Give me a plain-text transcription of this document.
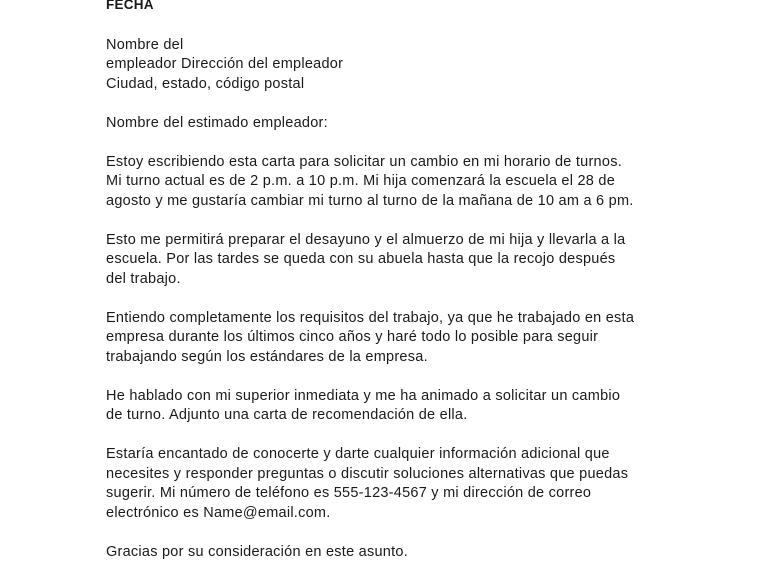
FECHA
Nombre del
empleador Dirección del empleador
Ciudad, estado, código postal
Nombre del estimado empleador:
Estoy escribiendo esta carta para solicitar un cambio en mi horario de turnos.
Mi turno actual es de 2 p.m. a 10 p.m. Mi hija comenzará la escuela el 28 de
agosto y me gustaría cambiar mi turno al turno de la mañana de 10 am a 6 pm.
Esto me permitirá preparar el desayuno y el almuerzo de mi hija y llevarla a la
escuela. Por las tardes se queda con su abuela hasta que la recojo después
del trabajo.
Entiendo completamente los requisitos del trabajo, ya que he trabajado en esta
empresa durante los últimos cinco años y haré todo lo posible para seguir
trabajando según los estándares de la empresa.
He hablado con mi superior inmediata y me ha animado a solicitar un cambio
de turno. Adjunto una carta de recomendación de ella.
Estaría encantado de conocerte y darte cualquier información adicional que
necesites y responder preguntas o discutir soluciones alternativas que puedas
sugerir. Mi número de teléfono es 555-123-4567 y mi dirección de correo
electrónico es Name@email.com.
Gracias por su consideración en este asunto.
